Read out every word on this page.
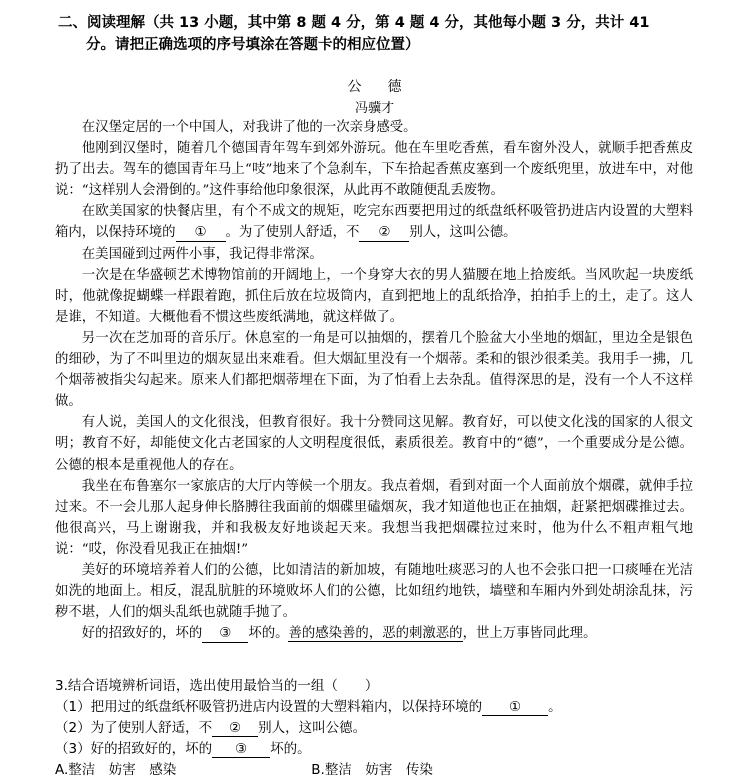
二、阅读理解（共 13 小题，其中第 8 题 4 分，第 4 题 4 分，其他每小题 3 分，共计 41
分。请把正确选项的序号填涂在答题卡的相应位置）
公德
冯骥才

在汉堡定居的一个中国人，对我讲了他的一次亲身感受。

他刚到汉堡时，随着几个德国青年驾车到郊外游玩。他在车里吃香蕉，看车窗外没人，就顺手把香蕉皮扔了出去。驾车的德国青年马上“吱”地来了个急刹车，下车拾起香蕉皮塞到一个废纸兜里，放进车中，对他说：“这样别人会滑倒的。”这件事给他印象很深，从此再不敢随便乱丢废物。

在欧美国家的快餐店里，有个不成文的规矩，吃完东西要把用过的纸盘纸杯吸管扔进店内设置的大塑料箱内，以保持环境的 ① 。为了使别人舒适，不 ② 别人，这叫公德。

在美国碰到过两件小事，我记得非常深。

一次是在华盛顿艺术博物馆前的开阔地上，一个身穿大衣的男人猫腰在地上拾废纸。当风吹起一块废纸时，他就像捉蝴蝶一样跟着跑，抓住后放在垃圾筒内，直到把地上的乱纸拾净，拍拍手上的土，走了。这人是谁，不知道。大概他看不惯这些废纸满地，就这样做了。

另一次在芝加哥的音乐厅。休息室的一角是可以抽烟的，摆着几个脸盆大小坐地的烟缸，里边全是银色的细砂，为了不叫里边的烟灰显出来难看。但大烟缸里没有一个烟蒂。柔和的银沙很柔美。我用手一拂，几个烟蒂被指尖勾起来。原来人们都把烟蒂埋在下面，为了怕看上去杂乱。值得深思的是，没有一个人不这样做。

有人说，美国人的文化很浅，但教育很好。我十分赞同这见解。教育好，可以使文化浅的国家的人很文明；教育不好，却能使文化古老国家的人文明程度很低，素质很差。教育中的“德”，一个重要成分是公德。公德的根本是重视他人的存在。

我坐在布鲁塞尔一家旅店的大厅内等候一个朋友。我点着烟，看到对面一个人面前放个烟碟，就伸手拉过来。不一会儿那人起身伸长胳膊往我面前的烟碟里磕烟灰，我才知道他也正在抽烟，赶紧把烟碟推过去。他很高兴，马上谢谢我，并和我极友好地谈起天来。我想当我把烟碟拉过来时，他为什么不粗声粗气地说：“哎，你没看见我正在抽烟!”

美好的环境培养着人们的公德，比如清洁的新加坡，有随地吐痰恶习的人也不会张口把一口痰唾在光洁如洗的地面上。相反，混乱肮脏的环境败坏人们的公德，比如纽约地铁，墙壁和车厢内外到处胡涂乱抹，污秽不堪，人们的烟头乱纸也就随手抛了。

好的招致好的，坏的 ③ 坏的。善的感染善的，恶的刺激恶的，世上万事皆同此理。

3.结合语境辨析词语，选出使用最恰当的一组（　　）

（1）把用过的纸盘纸杯吸管扔进店内设置的大塑料箱内，以保持环境的 ① 。

（2）为了使别人舒适，不 ② 别人，这叫公德。

（3）好的招致好的，坏的 ③ 坏的。

A.整洁　妨害　感染　　　　　　　　　　B.整洁　妨害　传染
